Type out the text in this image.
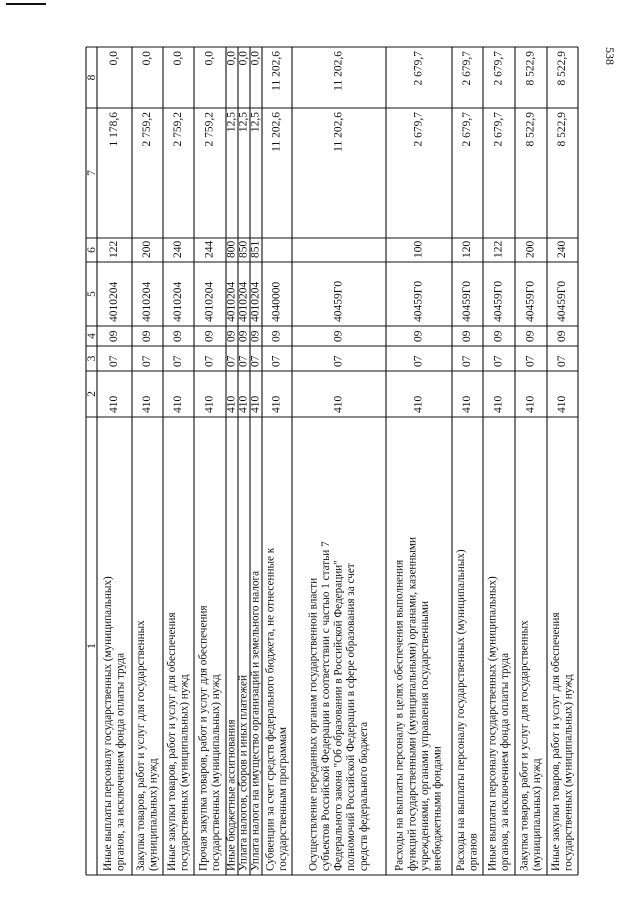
538
1
2
3
4
5
6
7
8
Иные выплаты персоналу государственных (муниципальных) органов, за исключением фонда оплаты труда
410
07
09
4010204
122
1 178,6
0,0
Закупка товаров, работ и услуг для государственных (муниципальных) нужд
410
07
09
4010204
200
2 759,2
0,0
Иные закупки товаров, работ и услуг для обеспечения государственных (муниципальных) нужд
410
07
09
4010204
240
2 759,2
0,0
Прочая закупка товаров, работ и услуг для обеспечения государственных (муниципальных) нужд
410
07
09
4010204
244
2 759,2
0,0
Иные бюджетные ассигнования
410
07
09
4010204
800
12,5
0,0
Уплата налогов, сборов и иных платежей
410
07
09
4010204
850
12,5
0,0
Уплата налога на имущество организаций и земельного налога
410
07
09
4010204
851
12,5
0,0
Субвенции за счет средств федерального бюджета, не отнесенные к государственным программам
410
07
09
4040000
11 202,6
11 202,6
Осуществление переданных органам государственной власти субъектов Российской Федерации в соответствии с частью 1 статьи 7 Федерального закона "Об образовании в Российской Федерации" полномочий Российской Федерации в сфере образования за счет средств федерального бюджета
410
07
09
40459Г0
11 202,6
11 202,6
Расходы на выплаты персоналу в целях обеспечения выполнения функций государственными (муниципальными) органами, казенными учреждениями, органами управления государственными внебюджетными фондами
410
07
09
40459Г0
100
2 679,7
2 679,7
Расходы на выплаты персоналу государственных (муниципальных) органов
410
07
09
40459Г0
120
2 679,7
2 679,7
Иные выплаты персоналу государственных (муниципальных) органов, за исключением фонда оплаты труда
410
07
09
40459Г0
122
2 679,7
2 679,7
Закупка товаров, работ и услуг для государственных (муниципальных) нужд
410
07
09
40459Г0
200
8 522,9
8 522,9
Иные закупки товаров, работ и услуг для обеспечения государственных (муниципальных) нужд
410
07
09
40459Г0
240
8 522,9
8 522,9
